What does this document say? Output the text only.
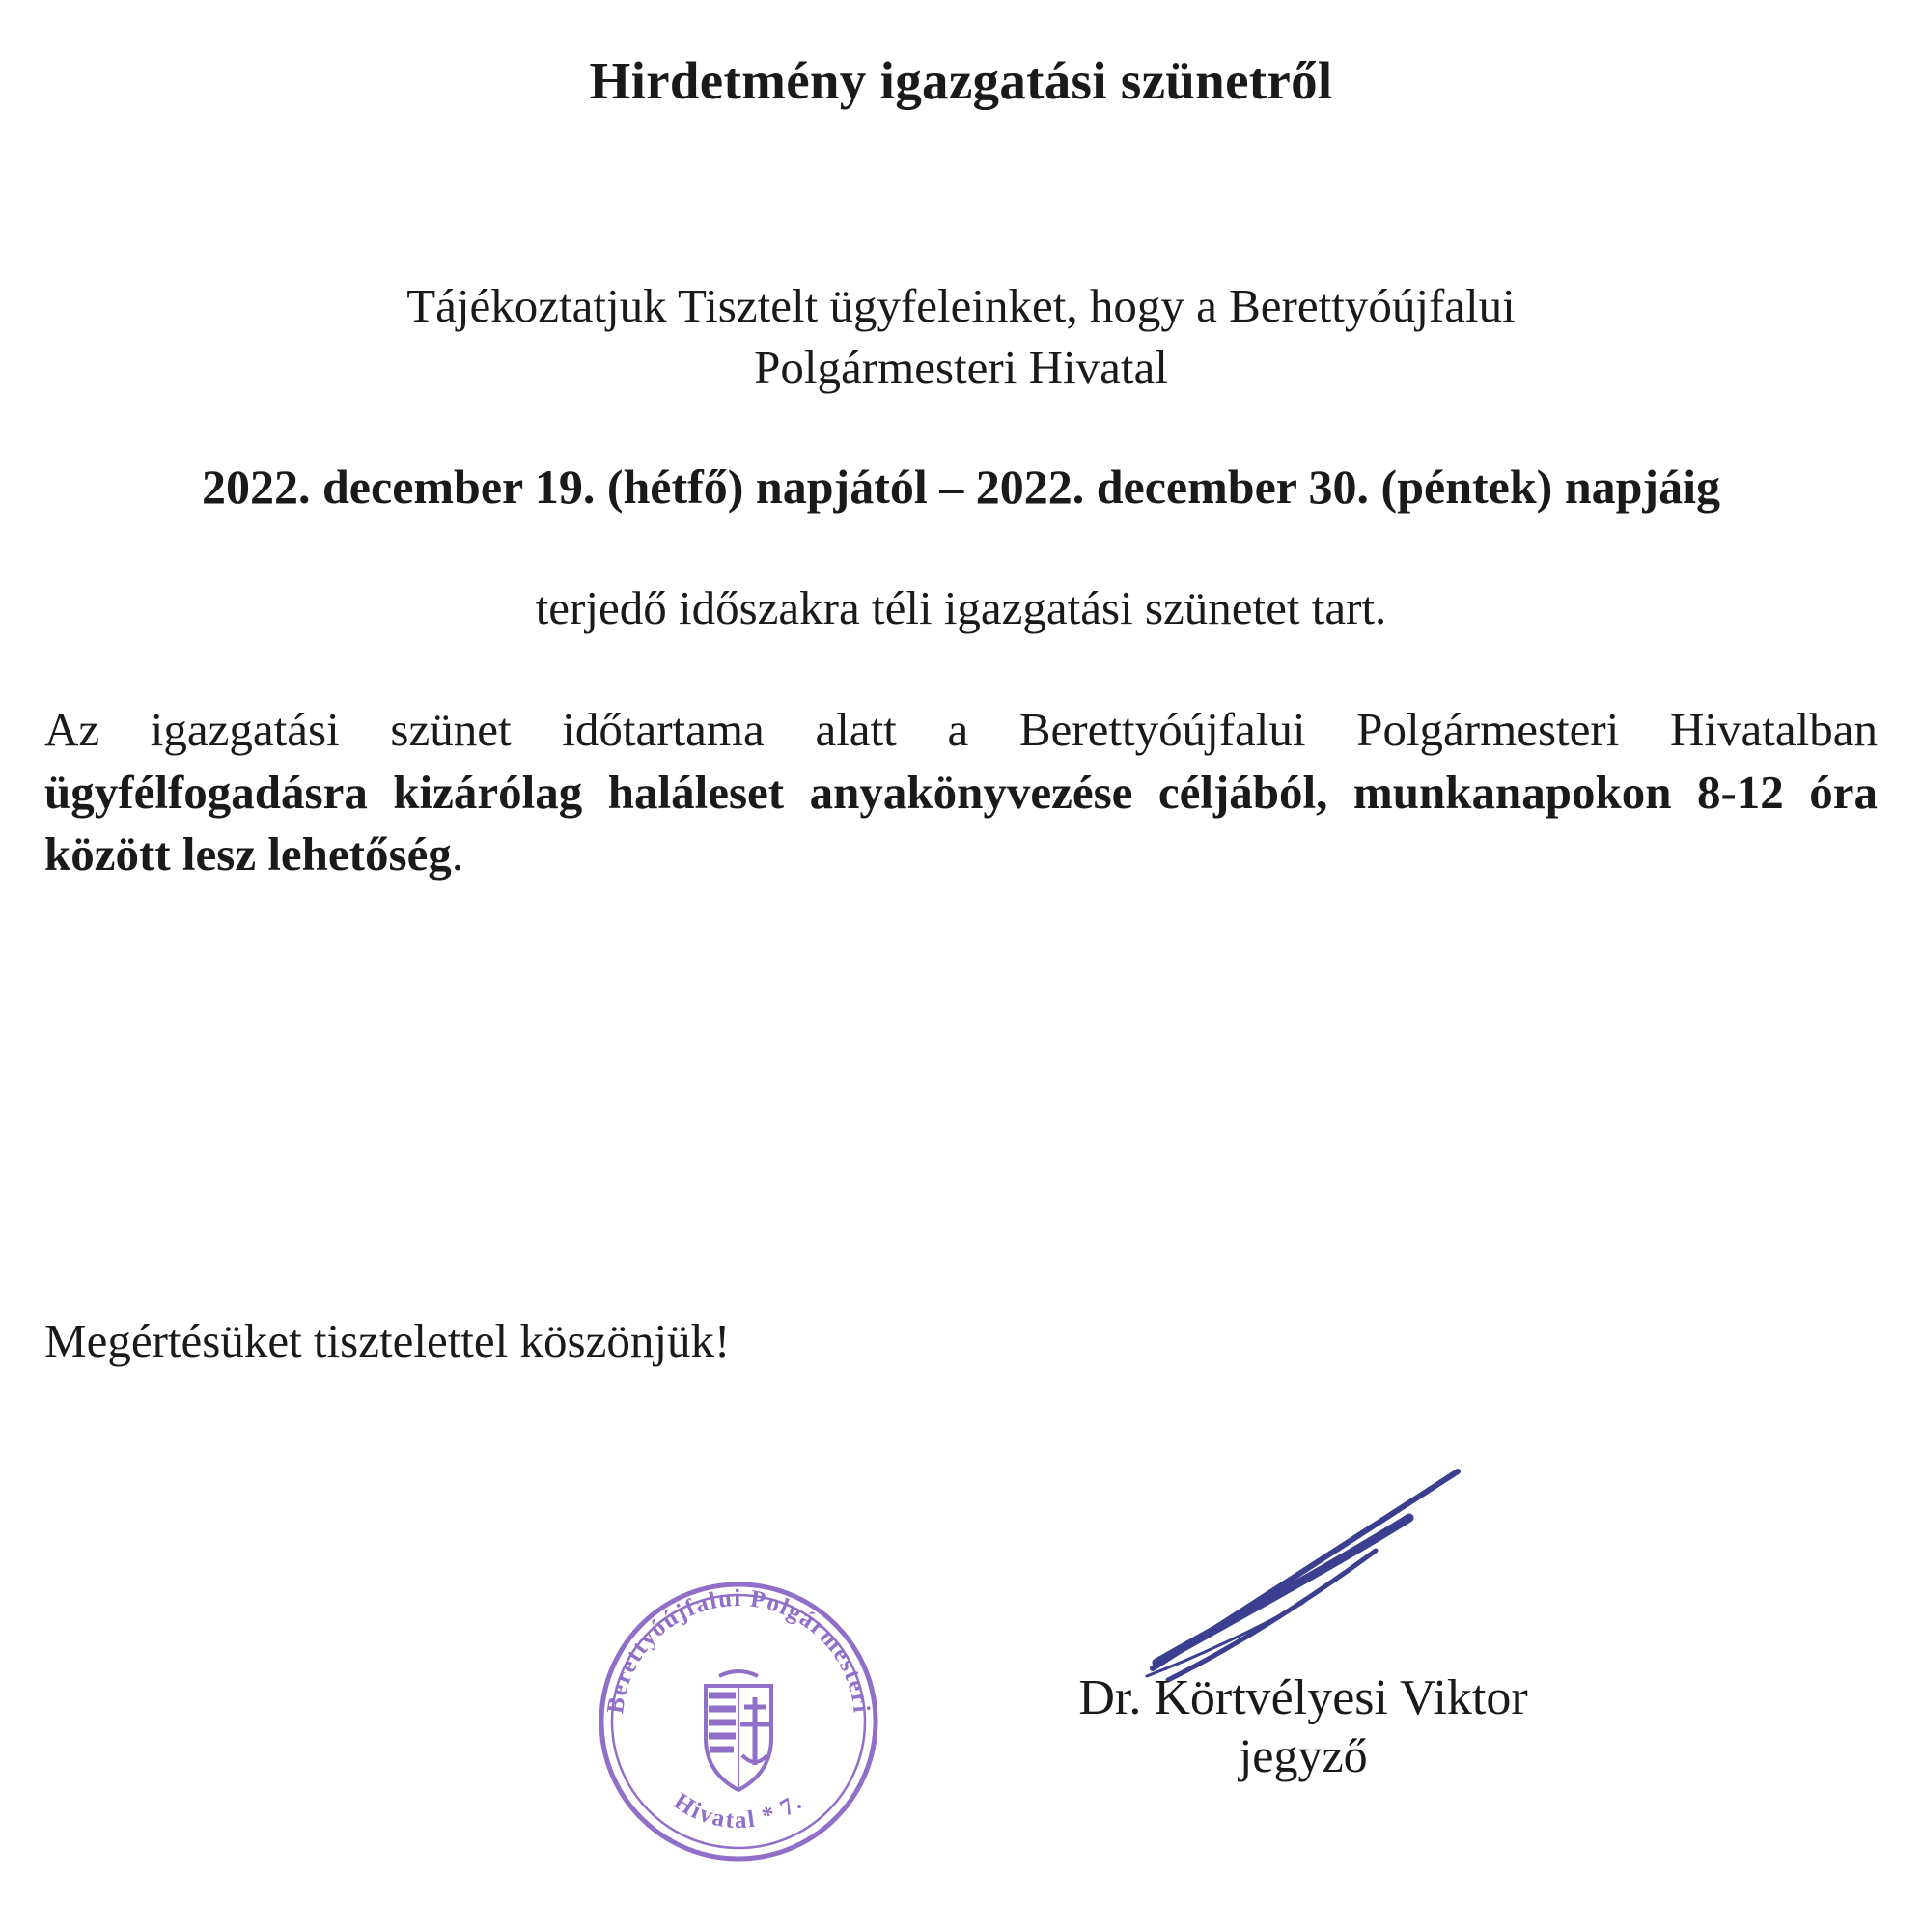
Hirdetmény igazgatási szünetről

Tájékoztatjuk Tisztelt ügyfeleinket, hogy a Berettyóújfalui
Polgármesteri Hivatal

2022. december 19. (hétfő) napjától – 2022. december 30. (péntek) napjáig

terjedő időszakra téli igazgatási szünetet tart.

Az igazgatási szünet időtartama alatt a Berettyóújfalui Polgármesteri Hivatalban ügyfélfogadásra kizárólag haláleset anyakönyvezése céljából, munkanapokon 8-12 óra között lesz lehetőség.

Megértésüket tisztelettel köszönjük!

Berettyóújfalui Polgármesteri
Hivatal * 7.
Dr. Körtvélyesi Viktor
jegyző
